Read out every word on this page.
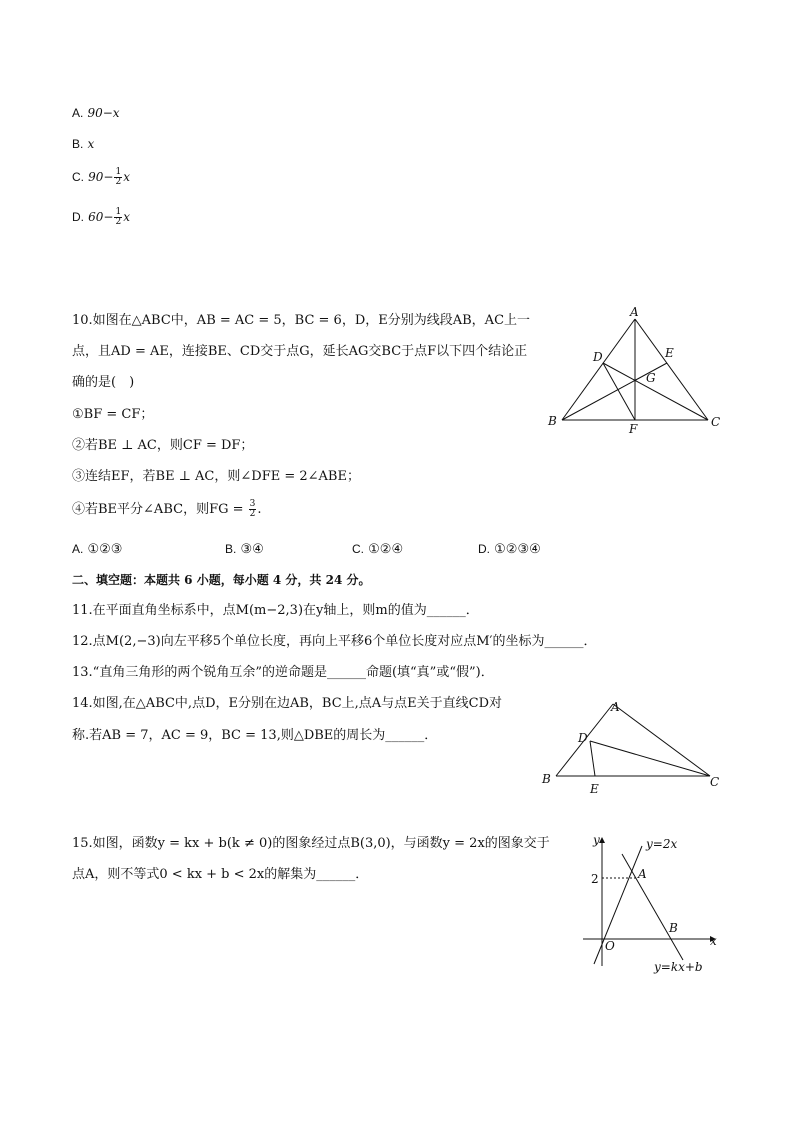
A. 90−x
B. x
C. $90- \frac{1}{2}$ x
D. $60- \frac{1}{2}$ x
10.如图在△ABC中，AB = AC = 5，BC = 6，D，E分别为线段AB，AC上一
点，且AD = AE，连接BE、CD交于点G，延长AG交BC于点F以下四个结论正
确的是(　)
①BF = CF；
②若BE ⊥ AC，则CF = DF；
③连结EF，若BE ⊥ AC，则∠DFE = 2∠ABE；
④若BE平分∠ABC，则FG = $\frac{3}{2}$ .
A. ①②③	B. ③④	C. ①②④	D. ①②③④
A
D	E
G
B	C
F
二、填空题：本题共 6 小题，每小题 4 分，共 24 分。
11.在平面直角坐标系中，点M(m−2,3)在y轴上，则m的值为______．
12.点M(2,−3)向左平移5个单位长度，再向上平移6个单位长度对应点M′的坐标为______．
13.“直角三角形的两个锐角互余”的逆命题是______命题(填“真”或“假”)．
14.如图,在△ABC中,点D，E分别在边AB，BC上,点A与点E关于直线CD对
称.若AB = 7，AC = 9，BC = 13,则△DBE的周长为______．
A
D
B	C
E
15.如图，函数y = kx + b(k ≠ 0)的图象经过点B(3,0)，与函数y = 2x的图象交于
点A，则不等式0 < kx + b < 2x的解集为______．
y
x
O
2	A
B
y=2x
y=kx+b
